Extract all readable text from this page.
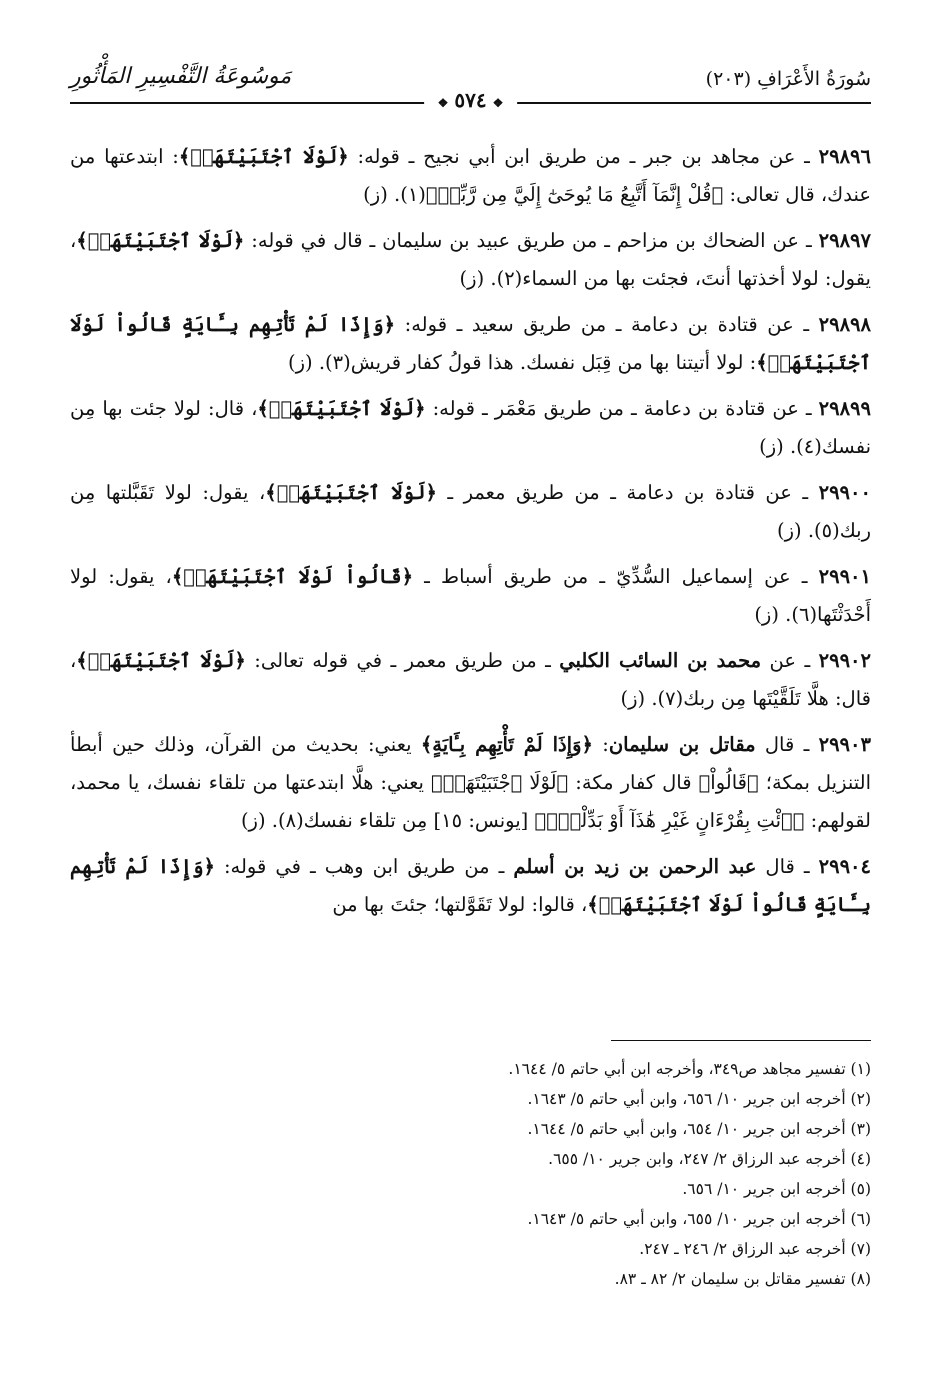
سُورَةُ الأَعْرَافِ (٢٠٣)
مَوسُوعَةُ التَّفْسِيرِ المَأْثُورِ
❖٥٧٤❖

٢٩٨٩٦ ـ عن مجاهد بن جبر ـ من طريق ابن أبي نجيح ـ قوله: ﴿لَوْلَا ٱجْتَبَيْتَهَاۚ﴾: ابتدعتها من عندك، قال تعالى: ﴿قُلْ إِنَّمَآ أَتَّبِعُ مَا يُوحَىٰٓ إِلَيَّ مِن رَّبِّيۚ﴾(١). (ز)

٢٩٨٩٧ ـ عن الضحاك بن مزاحم ـ من طريق عبيد بن سليمان ـ قال في قوله: ﴿لَوْلَا ٱجْتَبَيْتَهَاۚ﴾، يقول: لولا أخذتها أنتَ، فجئت بها من السماء(٢). (ز)

٢٩٨٩٨ ـ عن قتادة بن دعامة ـ من طريق سعيد ـ قوله: ﴿وَإِذَا لَمْ تَأْتِهِم بِـَٔايَةٍ قَالُواْ لَوْلَا ٱجْتَبَيْتَهَاۚ﴾: لولا أتيتنا بها من قِبَل نفسك. هذا قولُ كفار قريش(٣). (ز)

٢٩٨٩٩ ـ عن قتادة بن دعامة ـ من طريق مَعْمَر ـ قوله: ﴿لَوْلَا ٱجْتَبَيْتَهَاۚ﴾، قال: لولا جئت بها مِن نفسك(٤). (ز)

٢٩٩٠٠ ـ عن قتادة بن دعامة ـ من طريق معمر ـ ﴿لَوْلَا ٱجْتَبَيْتَهَاۚ﴾، يقول: لولا تَقَبَّلتها مِن ربك(٥). (ز)

٢٩٩٠١ ـ عن إسماعيل السُّدِّيّ ـ من طريق أسباط ـ ﴿قَالُواْ لَوْلَا ٱجْتَبَيْتَهَاۚ﴾، يقول: لولا أَحْدَثْتَها(٦). (ز)

٢٩٩٠٢ ـ عن محمد بن السائب الكلبي ـ من طريق معمر ـ في قوله تعالى: ﴿لَوْلَا ٱجْتَبَيْتَهَاۚ﴾، قال: هلَّا تَلَقَّيْتَها مِن ربك(٧). (ز)

٢٩٩٠٣ ـ قال مقاتل بن سليمان: ﴿وَإِذَا لَمْ تَأْتِهِم بِـَٔايَةٍ﴾ يعني: بحديث من القرآن، وذلك حين أبطأ التنزيل بمكة؛ ﴿قَالُواْ﴾ قال كفار مكة: ﴿لَوْلَا ٱجْتَبَيْتَهَاۚ﴾ يعني: هلَّا ابتدعتها من تلقاء نفسك، يا محمد، لقولهم: ﴿ٱئْتِ بِقُرْءَانٍ غَيْرِ هَٰذَآ أَوْ بَدِّلْهُۚ﴾ [يونس: ١٥] مِن تلقاء نفسك(٨). (ز)

٢٩٩٠٤ ـ قال عبد الرحمن بن زيد بن أسلم ـ من طريق ابن وهب ـ في قوله: ﴿وَإِذَا لَمْ تَأْتِهِم بِـَٔايَةٍ قَالُواْ لَوْلَا ٱجْتَبَيْتَهَاۚ﴾، قالوا: لولا تَقَوَّلتها؛ جئتَ بها من

(١) تفسير مجاهد ص٣٤٩، وأخرجه ابن أبي حاتم ٥/ ١٦٤٤.

(٢) أخرجه ابن جرير ١٠/ ٦٥٦، وابن أبي حاتم ٥/ ١٦٤٣.

(٣) أخرجه ابن جرير ١٠/ ٦٥٤، وابن أبي حاتم ٥/ ١٦٤٤.

(٤) أخرجه عبد الرزاق ٢/ ٢٤٧، وابن جرير ١٠/ ٦٥٥.

(٥) أخرجه ابن جرير ١٠/ ٦٥٦.

(٦) أخرجه ابن جرير ١٠/ ٦٥٥، وابن أبي حاتم ٥/ ١٦٤٣.

(٧) أخرجه عبد الرزاق ٢/ ٢٤٦ ـ ٢٤٧.

(٨) تفسير مقاتل بن سليمان ٢/ ٨٢ ـ ٨٣.
